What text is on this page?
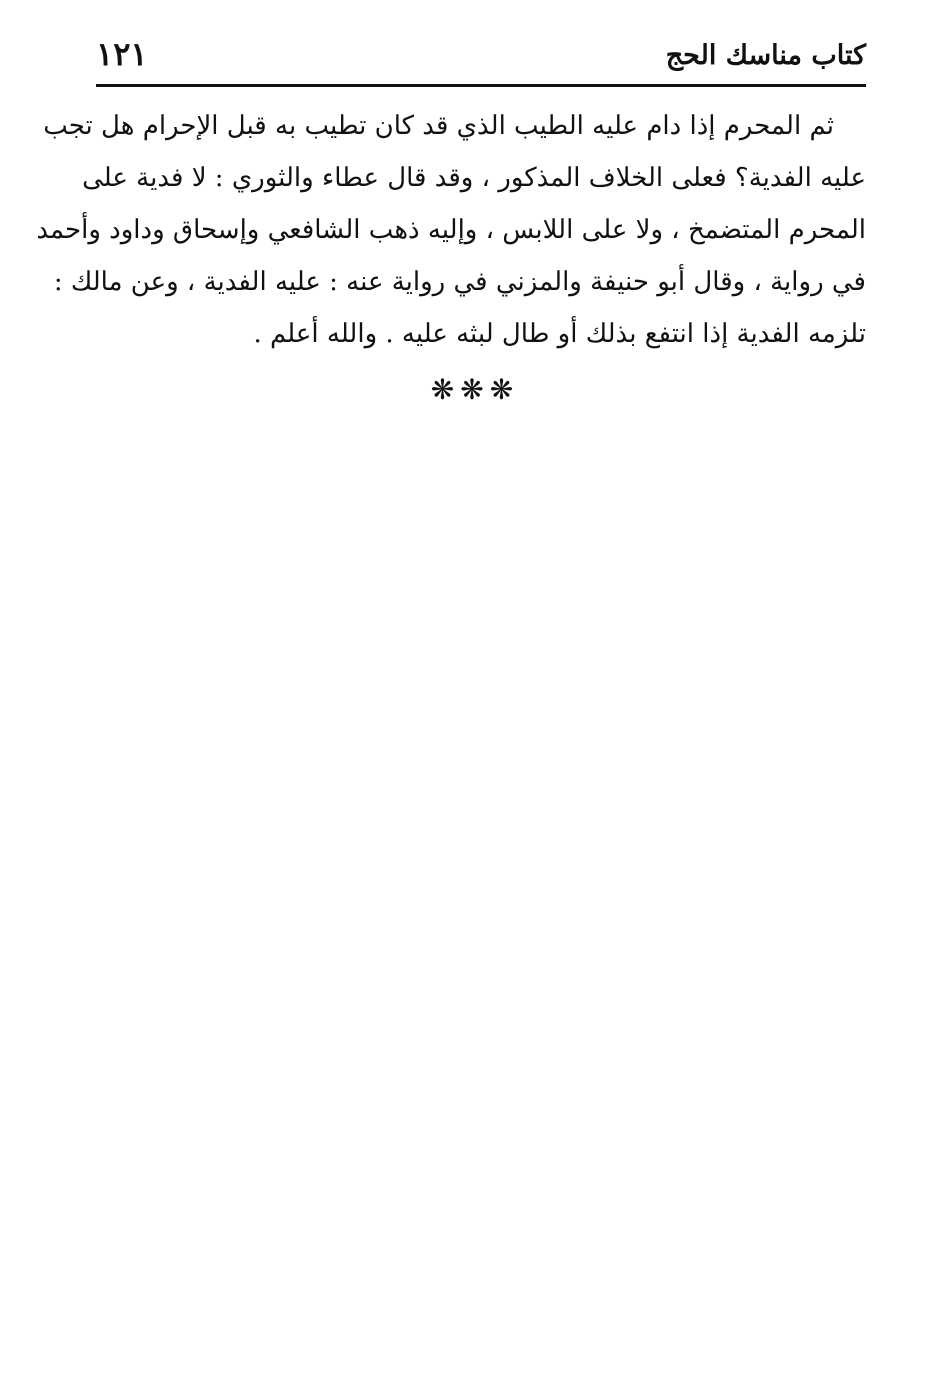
كتاب مناسك الحج
١٢١
ثم المحرم إذا دام عليه الطيب الذي قد كان تطيب به قبل الإحرام هل تجب
عليه الفدية؟ فعلى الخلاف المذكور ، وقد قال عطاء والثوري : لا فدية على
المحرم المتضمخ ، ولا على اللابس ، وإليه ذهب الشافعي وإسحاق وداود وأحمد
في رواية ، وقال أبو حنيفة والمزني في رواية عنه : عليه الفدية ، وعن مالك :
تلزمه الفدية إذا انتفع بذلك أو طال لبثه عليه . والله أعلم .
❋❋❋
